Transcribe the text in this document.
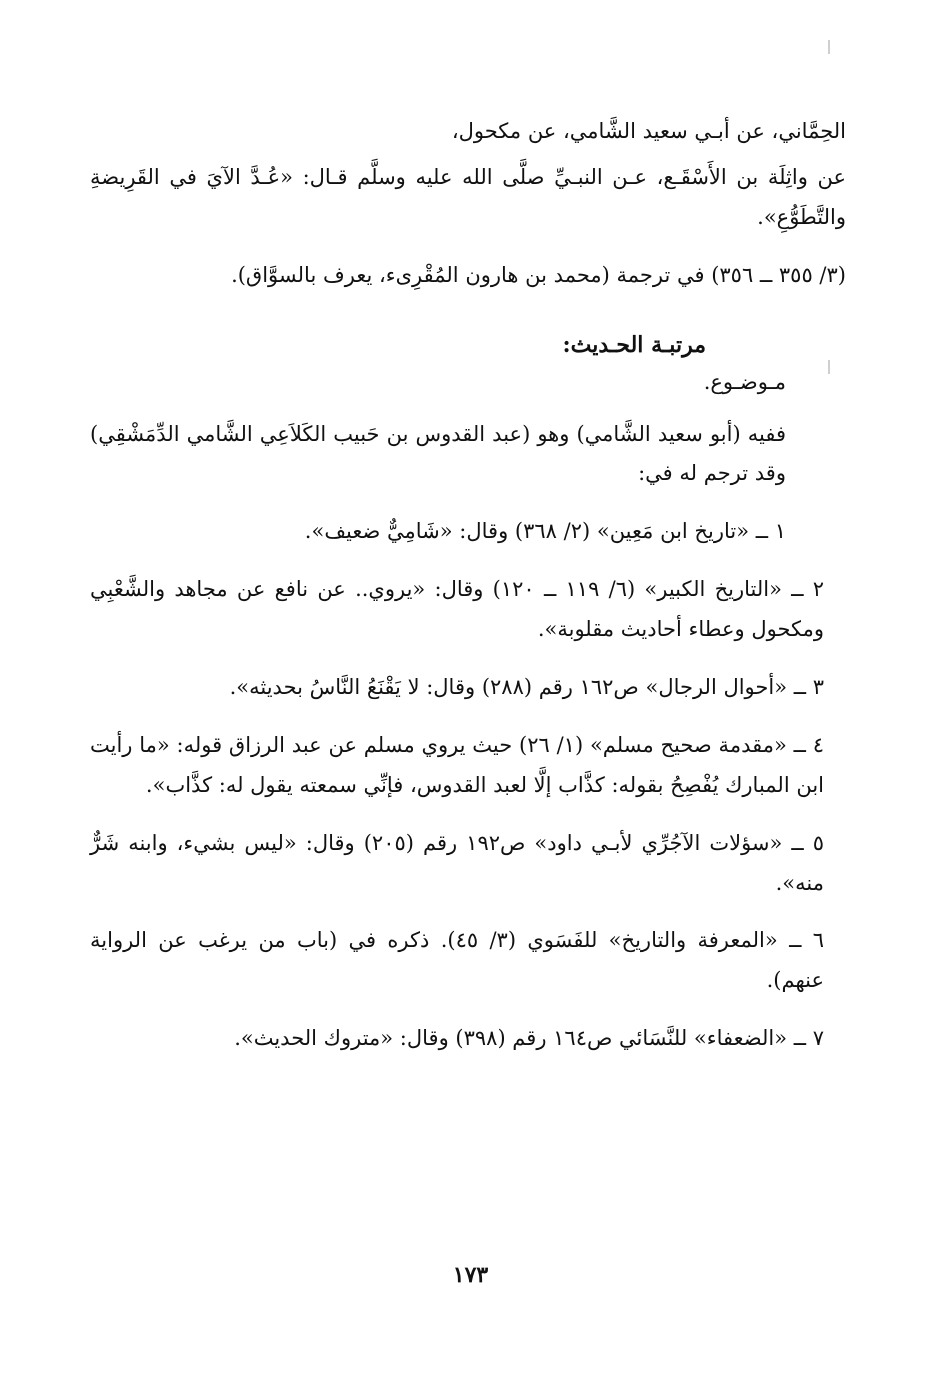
الحِمَّاني، عن أبـي سعيد الشَّامي، عن مكحول،

عن واثِلَة بن الأَسْقَـع، عـن النبـيِّ صلَّى الله عليه وسلَّم قـال: «عُـدَّ الآيَ في القَرِيضةِ والتَّطَوُّعِ».

(٣/ ٣٥٥ ــ ٣٥٦) في ترجمة (محمد بن هارون المُقْرِىء، يعرف بالسوَّاق).

مرتبـة الحـديث:

مـوضـوع.

ففيه (أبو سعيد الشَّامي) وهو (عبد القدوس بن حَبيب الكَلاَعِي الشَّامي الدِّمَشْقِي) وقد ترجم له في:

١ ــ «تاريخ ابن مَعِين» (٢/ ٣٦٨) وقال: «شَامِيٌّ ضعيف».

٢ ــ «التاريخ الكبير» (٦/ ١١٩ ــ ١٢٠) وقال: «يروي.. عن نافع عن مجاهد والشَّعْبِي ومكحول وعطاء أحاديث مقلوبة».

٣ ــ «أحوال الرجال» ص١٦٢ رقم (٢٨٨) وقال: لا يَقْنَعُ النَّاسُ بحديثه».

٤ ــ «مقدمة صحيح مسلم» (١/ ٢٦) حيث يروي مسلم عن عبد الرزاق قوله: «ما رأيت ابن المبارك يُفْصِحُ بقوله: كذَّاب إلَّا لعبد القدوس، فإنِّي سمعته يقول له: كذَّاب».

٥ ــ «سؤلات الآجُرِّي لأبـي داود» ص١٩٢ رقم (٢٠٥) وقال: «ليس بشيء، وابنه شَرٌّ منه».

٦ ــ «المعرفة والتاريخ» للفَسَوي (٣/ ٤٥). ذكره في (باب من يرغب عن الرواية عنهم).

٧ ــ «الضعفاء» للنَّسَائي ص١٦٤ رقم (٣٩٨) وقال: «متروك الحديث».

١٧٣
